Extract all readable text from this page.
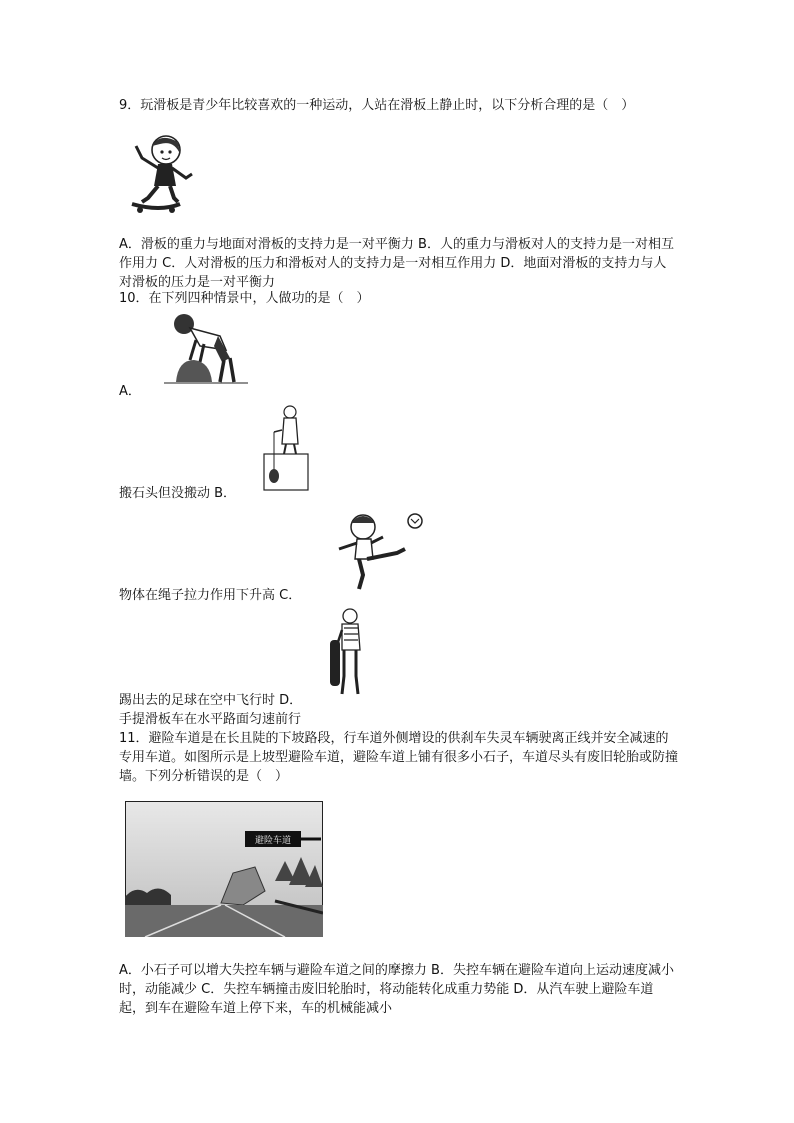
9．玩滑板是青少年比较喜欢的一种运动，人站在滑板上静止时，以下分析合理的是（　）
A．滑板的重力与地面对滑板的支持力是一对平衡力 B．人的重力与滑板对人的支持力是一对相互作用力 C．人对滑板的压力和滑板对人的支持力是一对相互作用力 D．地面对滑板的支持力与人对滑板的压力是一对平衡力
10．在下列四种情景中，人做功的是（　）
A．
搬石头但没搬动 B．
物体在绳子拉力作用下升高 C．
踢出去的足球在空中飞行时 D．
手提滑板车在水平路面匀速前行
11．避险车道是在长且陡的下坡路段，行车道外侧增设的供刹车失灵车辆驶离正线并安全减速的专用车道。如图所示是上坡型避险车道，避险车道上铺有很多小石子，车道尽头有废旧轮胎或防撞墙。下列分析错误的是（　）
避险车道
A．小石子可以增大失控车辆与避险车道之间的摩擦力 B．失控车辆在避险车道向上运动速度减小时，动能减少 C．失控车辆撞击废旧轮胎时，将动能转化成重力势能 D．从汽车驶上避险车道起，到车在避险车道上停下来，车的机械能减小
